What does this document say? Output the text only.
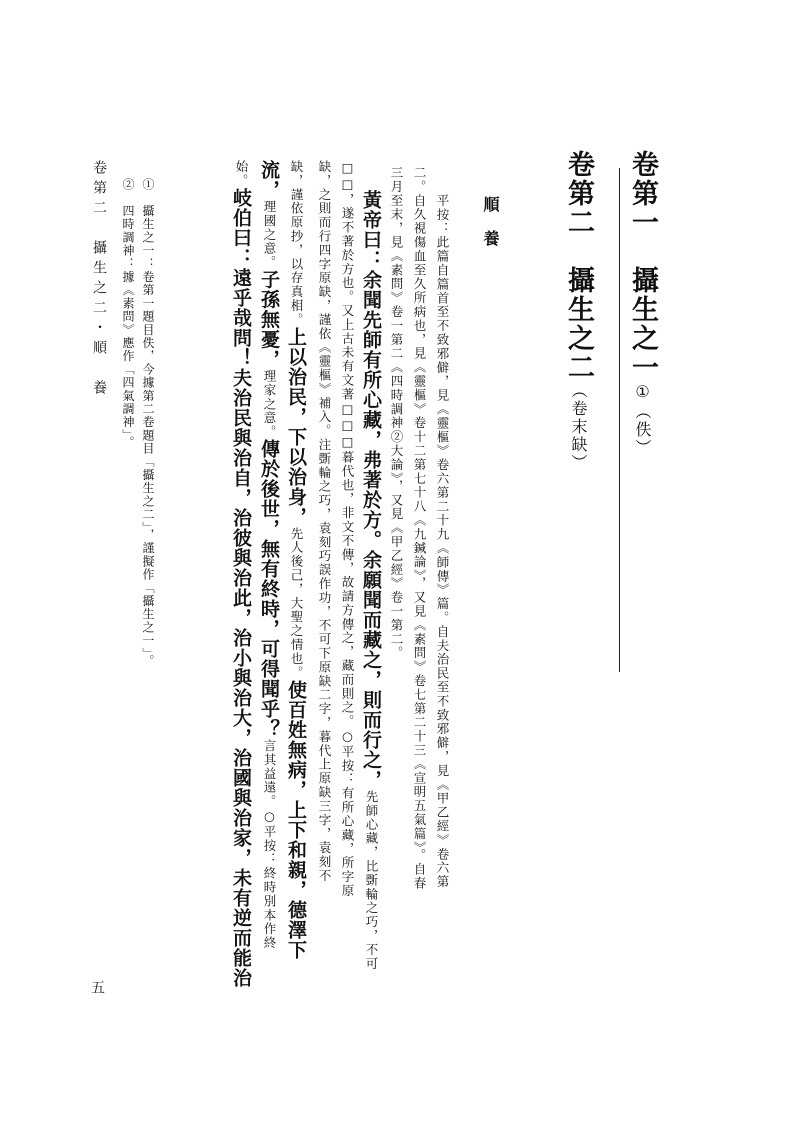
卷第一　攝生之一①（佚）
卷第二　攝生之二（卷末缺）
順養
平按：此篇自篇首至不致邪僻，見《靈樞》卷六第二十九《師傳》篇。自夫治民至不致邪僻，見《甲乙經》卷六第
二。自久視傷血至久所病也，見《靈樞》卷十二第七十八《九鍼論》，又見《素問》卷七第二十三《宣明五氣篇》。自春
三月至末，見《素問》卷一第二《四時調神②大論》，又見《甲乙經》卷一第二。
黃帝曰：余聞先師有所心藏，弗著於方。余願聞而藏之，則而行之，先師心藏，比斲輪之巧，不可
□□，遂不著於方也。又上古未有文著□□□暮代也，非文不傳，故請方傳之，藏而則之。○平按：有所心藏，所字原
缺，之則而行四字原缺，謹依《靈樞》補入。注斲輪之巧，袁刻巧誤作功，不可下原缺二字，暮代上原缺三字，袁刻不
缺，謹依原抄，以存真相。上以治民，下以治身，先人後己，大聖之情也。使百姓無病，上下和親，德澤下
流，理國之意。子孫無憂，理家之意。傳於後世，無有終時，可得聞乎？言其益遠。○平按：終時別本作終
始。岐伯曰：遠乎哉問！夫治民與治自，治彼與治此，治小與治大，治國與治家，未有逆而能治
①　攝生之一：卷第一題目佚，今據第二卷題目「攝生之二」，謹擬作「攝生之一」。
②　四時調神：據《素問》應作「四氣調神」。
卷第二　攝生之二・順　養
五
